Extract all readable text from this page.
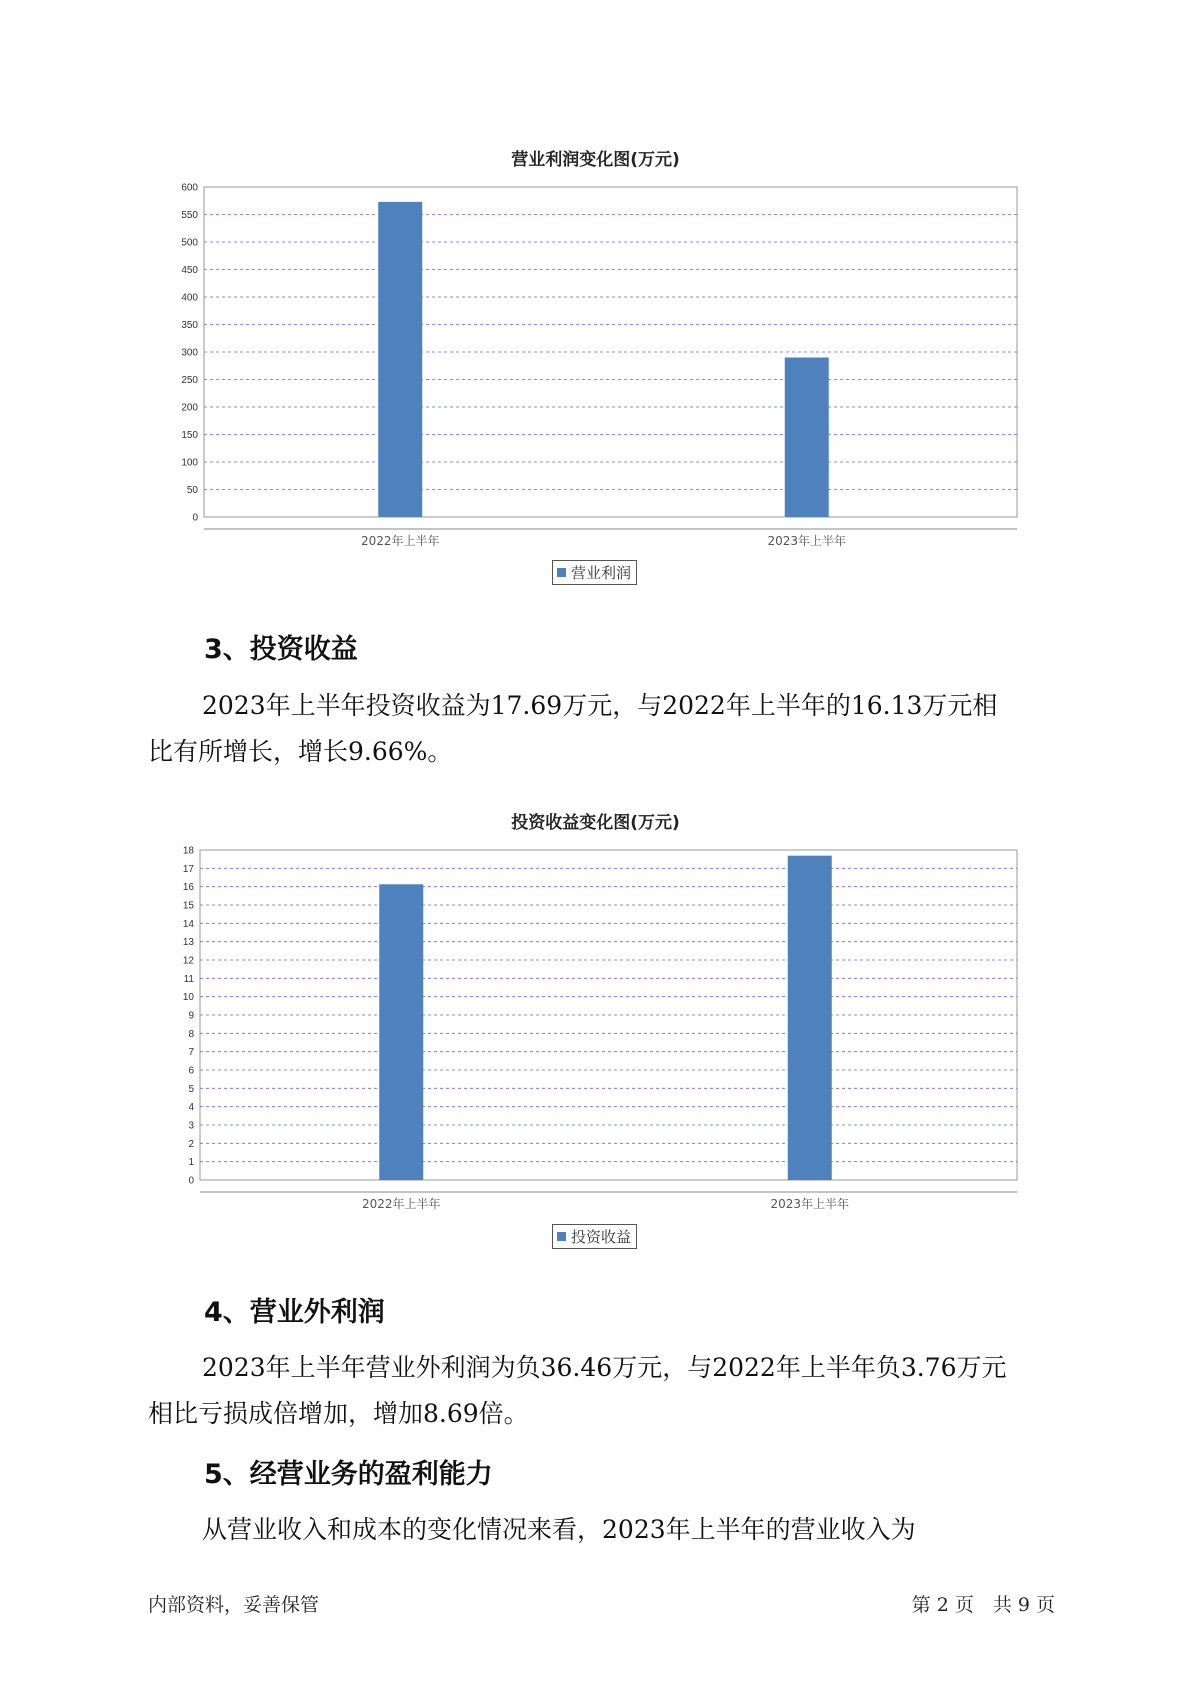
营业利润变化图(万元)
0
50
100
150
200
250
300
350
400
450
500
550
600
2022年上半年	2023年上半年
营业利润
3、投资收益
2023年上半年投资收益为17.69万元，与2022年上半年的16.13万元相
比有所增长，增长9.66%。
投资收益变化图(万元)
0
1
2
3
4
5
6
7
8
9
10
11
12
13
14
15
16
17
18
2022年上半年	2023年上半年
投资收益
4、营业外利润
2023年上半年营业外利润为负36.46万元，与2022年上半年负3.76万元
相比亏损成倍增加，增加8.69倍。
5、经营业务的盈利能力
从营业收入和成本的变化情况来看，2023年上半年的营业收入为
内部资料，妥善保管	第 2 页　共 9 页
